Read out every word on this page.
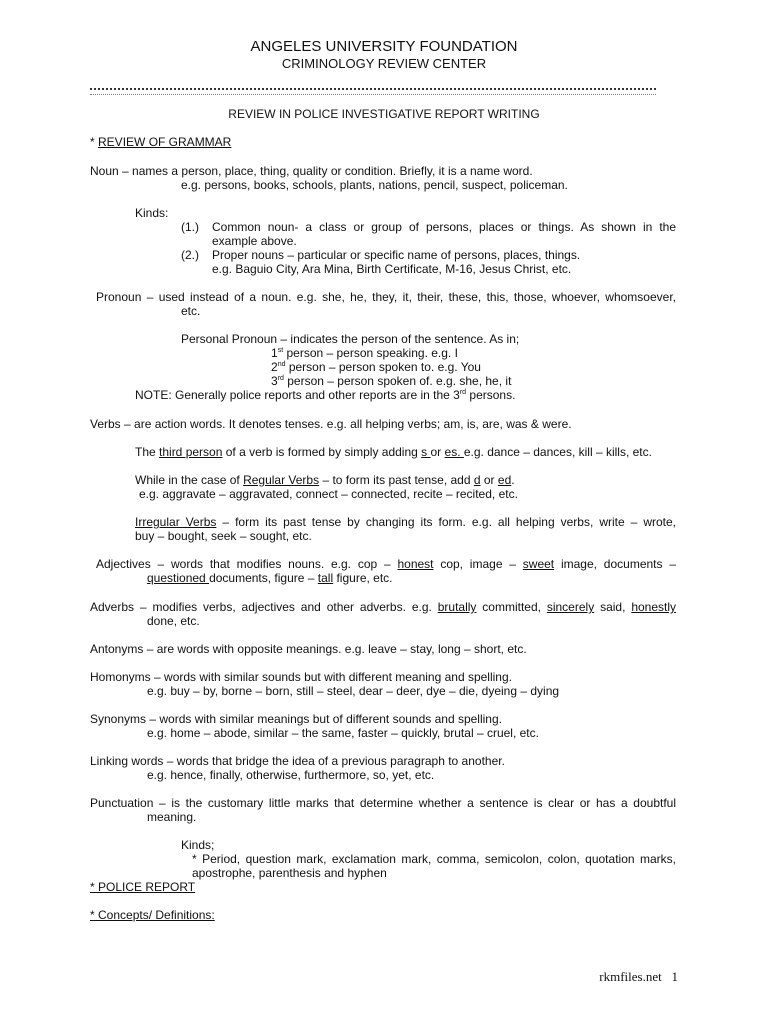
ANGELES UNIVERSITY FOUNDATION
CRIMINOLOGY REVIEW CENTER
REVIEW IN POLICE INVESTIGATIVE REPORT WRITING
* REVIEW OF GRAMMAR
Noun – names a person, place, thing, quality or condition. Briefly, it is a name word.
e.g. persons, books, schools, plants, nations, pencil, suspect, policeman.
Kinds:
(1.) Common noun- a class or group of persons, places or things. As shown in the
example above.
(2.) Proper nouns – particular or specific name of persons, places, things.
e.g. Baguio City, Ara Mina, Birth Certificate, M-16, Jesus Christ, etc.
Pronoun – used instead of a noun. e.g. she, he, they, it, their, these, this, those, whoever, whomsoever,
etc.
Personal Pronoun – indicates the person of the sentence. As in;
1st person – person speaking. e.g. I
2nd person – person spoken to. e.g. You
3rd person – person spoken of. e.g. she, he, it
NOTE: Generally police reports and other reports are in the 3rd persons.
Verbs – are action words. It denotes tenses. e.g. all helping verbs; am, is, are, was & were.
The third person of a verb is formed by simply adding s or es. e.g. dance – dances, kill – kills, etc.
While in the case of Regular Verbs – to form its past tense, add d or ed.
e.g. aggravate – aggravated, connect – connected, recite – recited, etc.
Irregular Verbs – form its past tense by changing its form. e.g. all helping verbs, write – wrote,
buy – bought, seek – sought, etc.
Adjectives – words that modifies nouns. e.g. cop – honest cop, image – sweet image, documents –
questioned documents, figure – tall figure, etc.
Adverbs – modifies verbs, adjectives and other adverbs. e.g. brutally committed, sincerely said, honestly
done, etc.
Antonyms – are words with opposite meanings. e.g. leave – stay, long – short, etc.
Homonyms – words with similar sounds but with different meaning and spelling.
e.g. buy – by, borne – born, still – steel, dear – deer, dye – die, dyeing – dying
Synonyms – words with similar meanings but of different sounds and spelling.
e.g. home – abode, similar – the same, faster – quickly, brutal – cruel, etc.
Linking words – words that bridge the idea of a previous paragraph to another.
e.g. hence, finally, otherwise, furthermore, so, yet, etc.
Punctuation – is the customary little marks that determine whether a sentence is clear or has a doubtful
meaning.
Kinds;
* Period, question mark, exclamation mark, comma, semicolon, colon, quotation marks,
apostrophe, parenthesis and hyphen
* POLICE REPORT
* Concepts/ Definitions:
rkmfiles.net 1
